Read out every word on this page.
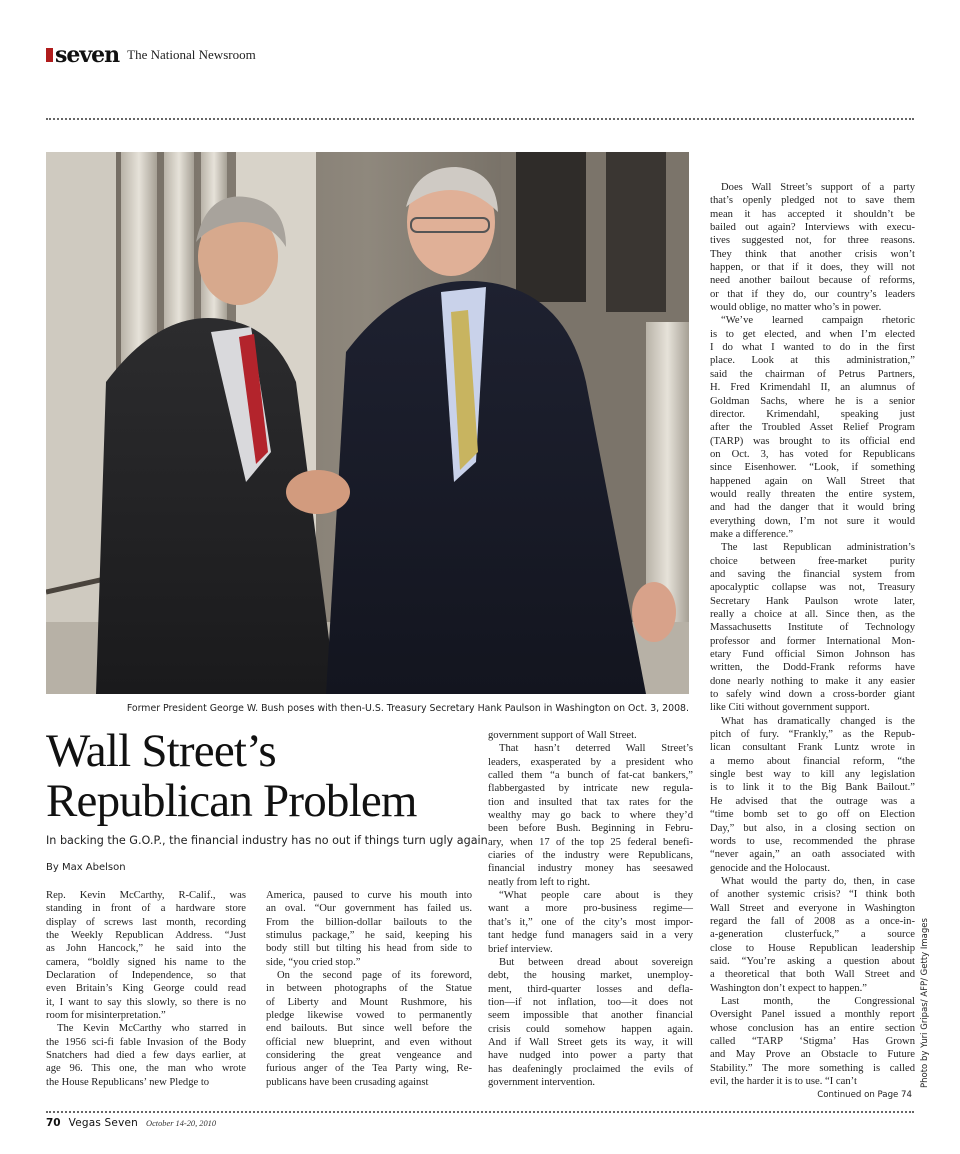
seven The National Newsroom
Photo by Yuri Gripas/ AFP/ Getty Images
Former President George W. Bush poses with then-U.S. Treasury Secretary Hank Paulson in Washington on Oct. 3, 2008.
Wall Street’s
Republican Problem
In backing the G.O.P., the financial industry has no out if things turn ugly again
By Max Abelson
Rep. Kevin McCarthy, R-Calif., was
standing in front of a hardware store
display of screws last month, recording
the Weekly Republican Address. “Just
as John Hancock,” he said into the
camera, “boldly signed his name to the
Declaration of Independence, so that
even Britain’s King George could read
it, I want to say this slowly, so there is no
room for misinterpretation.”
The Kevin McCarthy who starred in
the 1956 sci-fi fable Invasion of the Body
Snatchers had died a few days earlier, at
age 96. This one, the man who wrote
the House Republicans’ new Pledge to
America, paused to curve his mouth into
an oval. “Our government has failed us.
From the billion-dollar bailouts to the
stimulus package,” he said, keeping his
body still but tilting his head from side to
side, “you cried stop.”
On the second page of its foreword,
in between photographs of the Statue
of Liberty and Mount Rushmore, his
pledge likewise vowed to permanently
end bailouts. But since well before the
official new blueprint, and even without
considering the great vengeance and
furious anger of the Tea Party wing, Re-
publicans have been crusading against
government support of Wall Street.
That hasn’t deterred Wall Street’s
leaders, exasperated by a president who
called them “a bunch of fat-cat bankers,”
flabbergasted by intricate new regula-
tion and insulted that tax rates for the
wealthy may go back to where they’d
been before Bush. Beginning in Febru-
ary, when 17 of the top 25 federal benefi-
ciaries of the industry were Republicans,
financial industry money has seesawed
neatly from left to right.
“What people care about is they
want a more pro-business regime—
that’s it,” one of the city’s most impor-
tant hedge fund managers said in a very
brief interview.
But between dread about sovereign
debt, the housing market, unemploy-
ment, third-quarter losses and defla-
tion—if not inflation, too—it does not
seem impossible that another financial
crisis could somehow happen again.
And if Wall Street gets its way, it will
have nudged into power a party that
has deafeningly proclaimed the evils of
government intervention.
Does Wall Street’s support of a party
that’s openly pledged not to save them
mean it has accepted it shouldn’t be
bailed out again? Interviews with execu-
tives suggested not, for three reasons.
They think that another crisis won’t
happen, or that if it does, they will not
need another bailout because of reforms,
or that if they do, our country’s leaders
would oblige, no matter who’s in power.
“We’ve learned campaign rhetoric
is to get elected, and when I’m elected
I do what I wanted to do in the first
place. Look at this administration,”
said the chairman of Petrus Partners,
H. Fred Krimendahl II, an alumnus of
Goldman Sachs, where he is a senior
director. Krimendahl, speaking just
after the Troubled Asset Relief Program
(TARP) was brought to its official end
on Oct. 3, has voted for Republicans
since Eisenhower. “Look, if something
happened again on Wall Street that
would really threaten the entire system,
and had the danger that it would bring
everything down, I’m not sure it would
make a difference.”
The last Republican administration’s
choice between free-market purity
and saving the financial system from
apocalyptic collapse was not, Treasury
Secretary Hank Paulson wrote later,
really a choice at all. Since then, as the
Massachusetts Institute of Technology
professor and former International Mon-
etary Fund official Simon Johnson has
written, the Dodd-Frank reforms have
done nearly nothing to make it any easier
to safely wind down a cross-border giant
like Citi without government support.
What has dramatically changed is the
pitch of fury. “Frankly,” as the Repub-
lican consultant Frank Luntz wrote in
a memo about financial reform, “the
single best way to kill any legislation
is to link it to the Big Bank Bailout.”
He advised that the outrage was a
“time bomb set to go off on Election
Day,” but also, in a closing section on
words to use, recommended the phrase
“never again,” an oath associated with
genocide and the Holocaust.
What would the party do, then, in case
of another systemic crisis? “I think both
Wall Street and everyone in Washington
regard the fall of 2008 as a once-in-
a-generation clusterfuck,” a source
close to House Republican leadership
said. “You’re asking a question about
a theoretical that both Wall Street and
Washington don’t expect to happen.”
Last month, the Congressional
Oversight Panel issued a monthly report
whose conclusion has an entire section
called “TARP ‘Stigma’ Has Grown
and May Prove an Obstacle to Future
Stability.” The more something is called
evil, the harder it is to use. “I can’t
Continued on Page 74
70 Vegas Seven October 14-20, 2010
